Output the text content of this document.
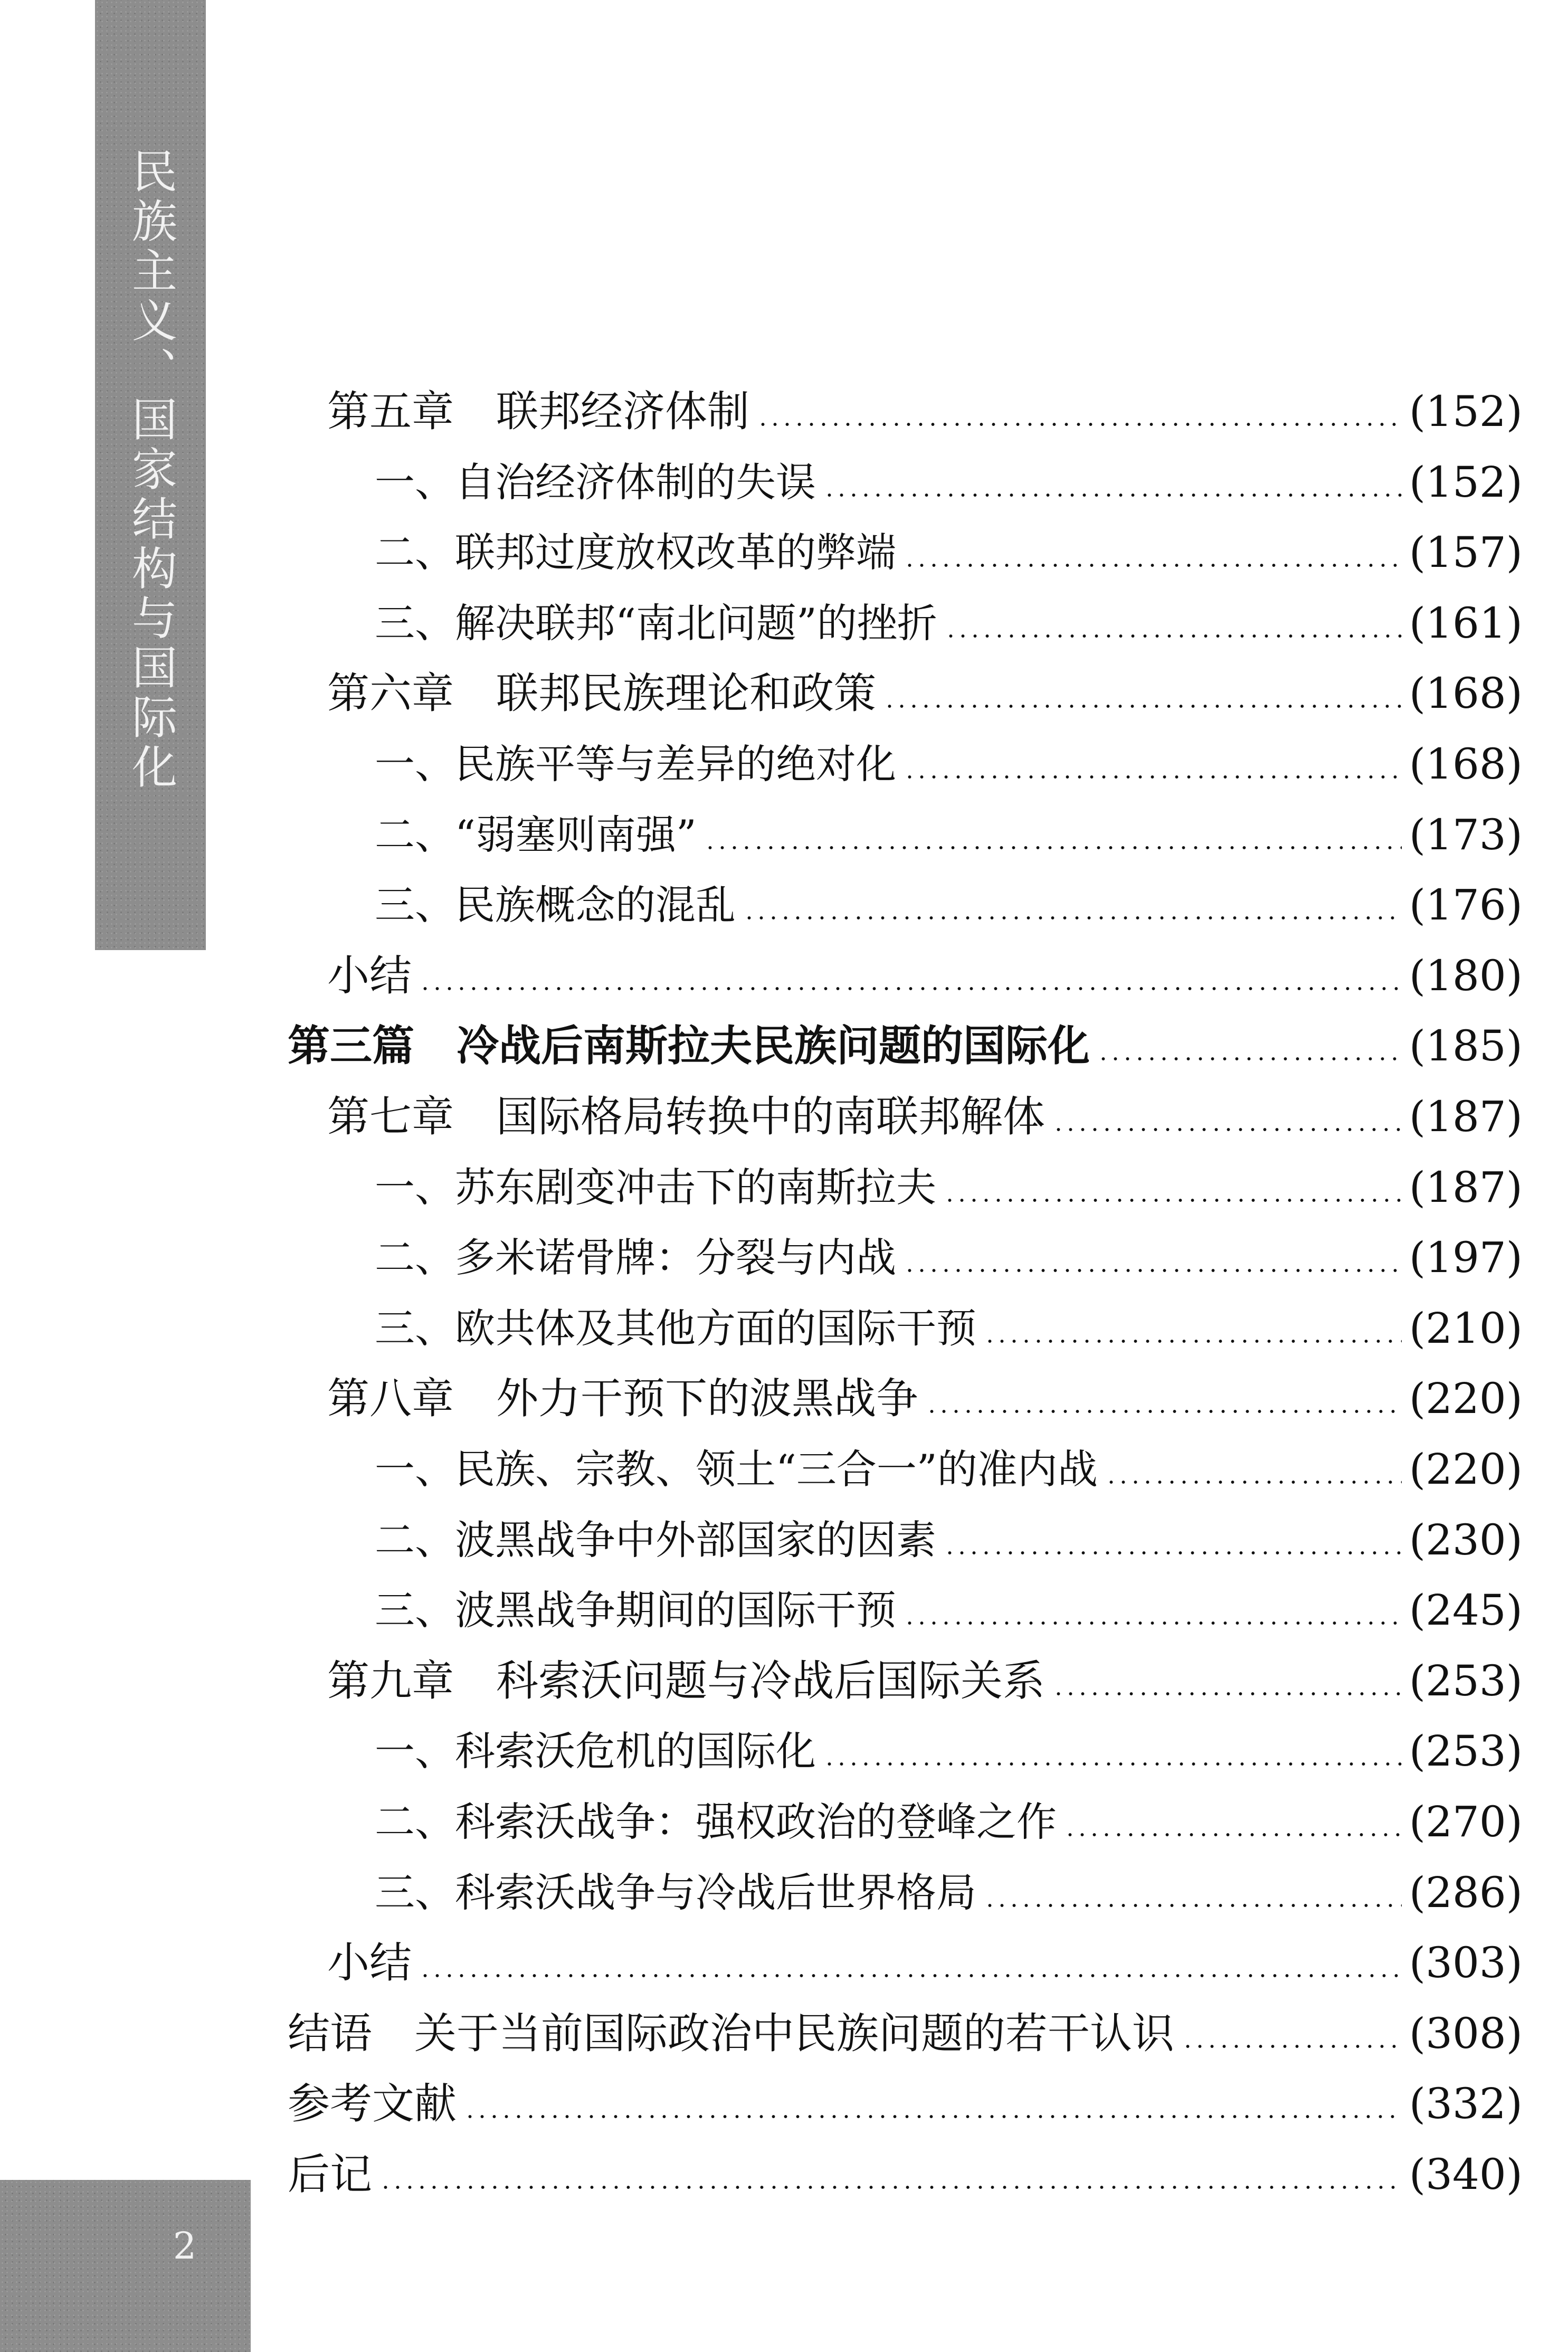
民族主义、国家结构与国际化
2
第五章 联邦经济体制	(152)
一、 自治经济体制的失误	(152)
二、 联邦过度放权改革的弊端	(157)
三、 解决联邦“南北问题”的挫折	(161)
第六章 联邦民族理论和政策	(168)
一、 民族平等与差异的绝对化	(168)
二、 “弱塞则南强”	(173)
三、 民族概念的混乱	(176)
小结	(180)
第三篇 冷战后南斯拉夫民族问题的国际化	(185)
第七章 国际格局转换中的南联邦解体	(187)
一、 苏东剧变冲击下的南斯拉夫	(187)
二、 多米诺骨牌：分裂与内战	(197)
三、 欧共体及其他方面的国际干预	(210)
第八章 外力干预下的波黑战争	(220)
一、 民族、宗教、领土“三合一”的准内战	(220)
二、 波黑战争中外部国家的因素	(230)
三、 波黑战争期间的国际干预	(245)
第九章 科索沃问题与冷战后国际关系	(253)
一、 科索沃危机的国际化	(253)
二、 科索沃战争：强权政治的登峰之作	(270)
三、 科索沃战争与冷战后世界格局	(286)
小结	(303)
结语 关于当前国际政治中民族问题的若干认识	(308)
参考文献	(332)
后记	(340)
